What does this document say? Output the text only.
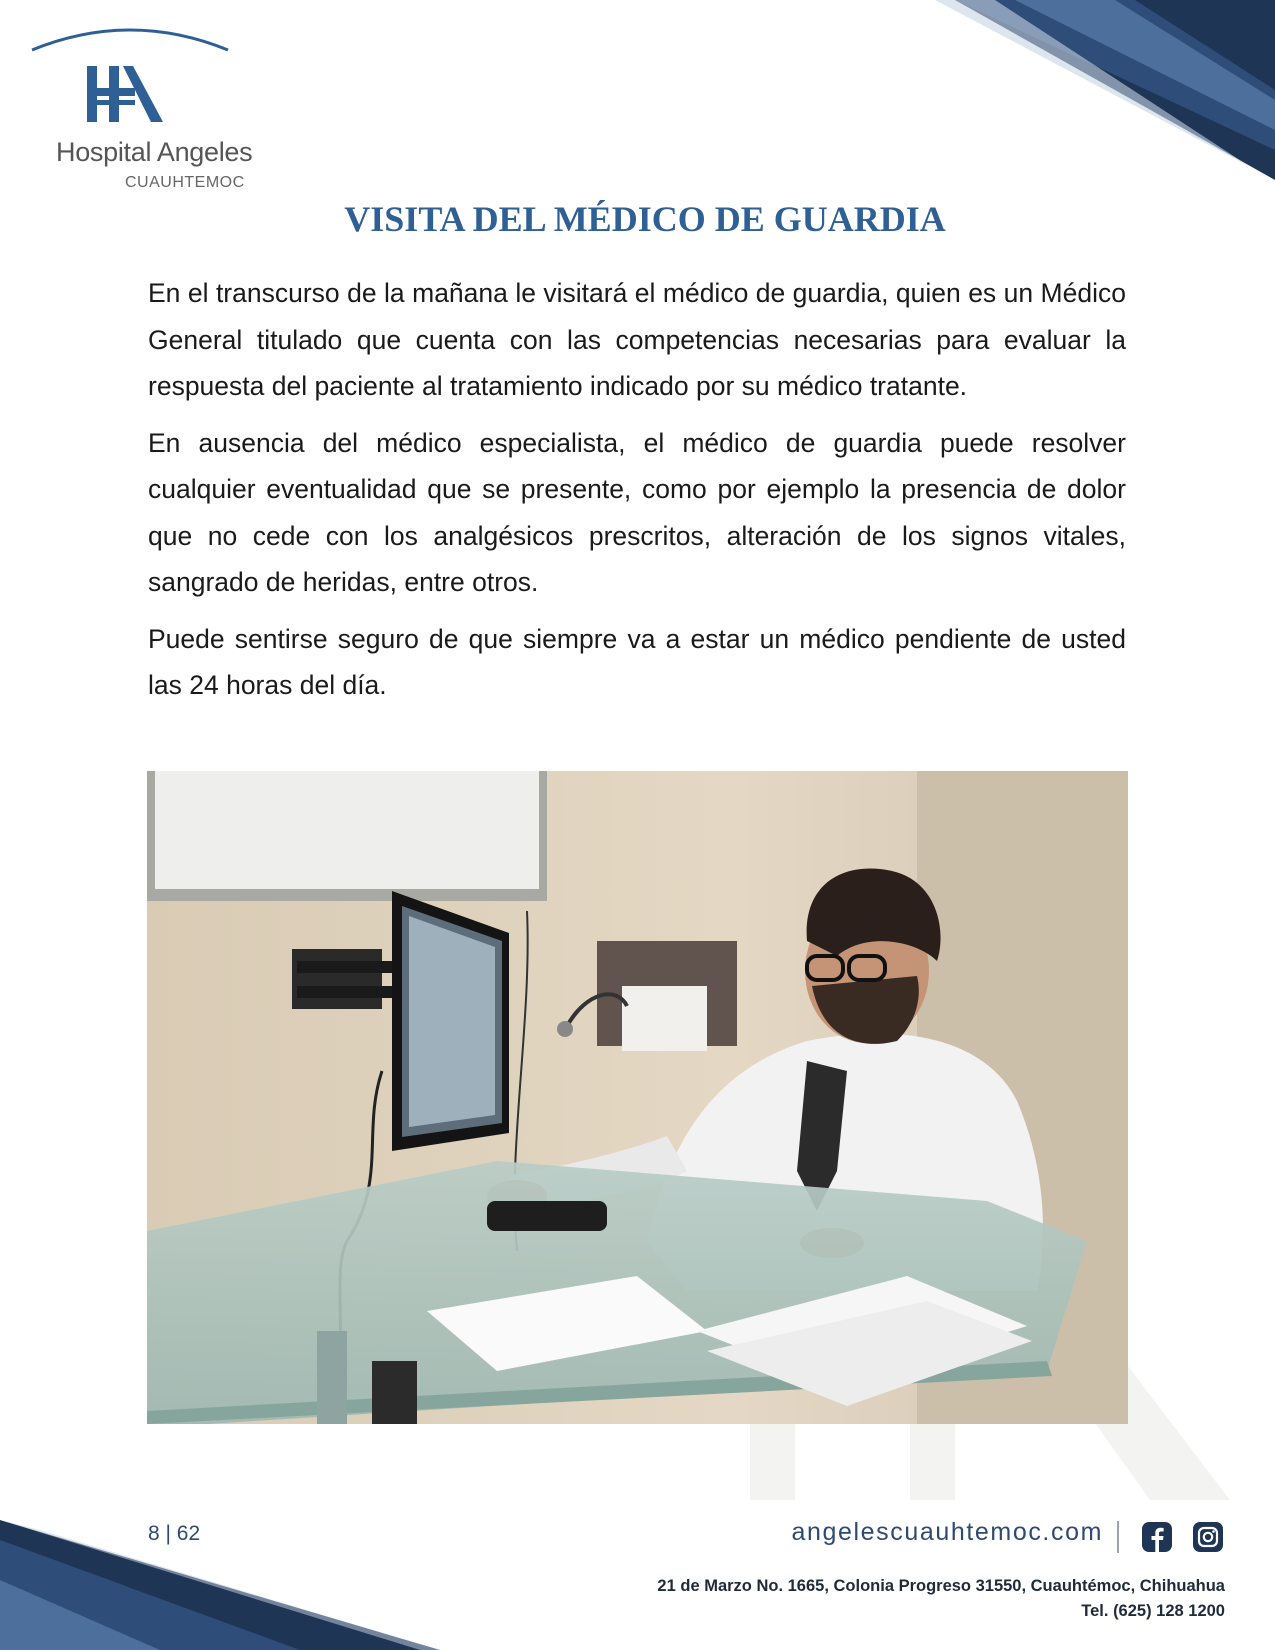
Hospital Angeles
CUAUHTEMOC
VISITA DEL MÉDICO DE GUARDIA

En el transcurso de la mañana le visitará el médico de guardia, quien es un Médico General titulado que cuenta con las competencias necesarias para evaluar la respuesta del paciente al tratamiento indicado por su médico tratante.

En ausencia del médico especialista, el médico de guardia puede resolver cualquier eventualidad que se presente, como por ejemplo la presencia de dolor que no cede con los analgésicos prescritos, alteración de los signos vitales, sangrado de heridas, entre otros.

Puede sentirse seguro de que siempre va a estar un médico pendiente de usted las 24 horas del día.

8 | 62	angelescuauhtemoc.com
21 de Marzo No. 1665, Colonia Progreso 31550, Cuauhtémoc, Chihuahua
Tel. (625) 128 1200
